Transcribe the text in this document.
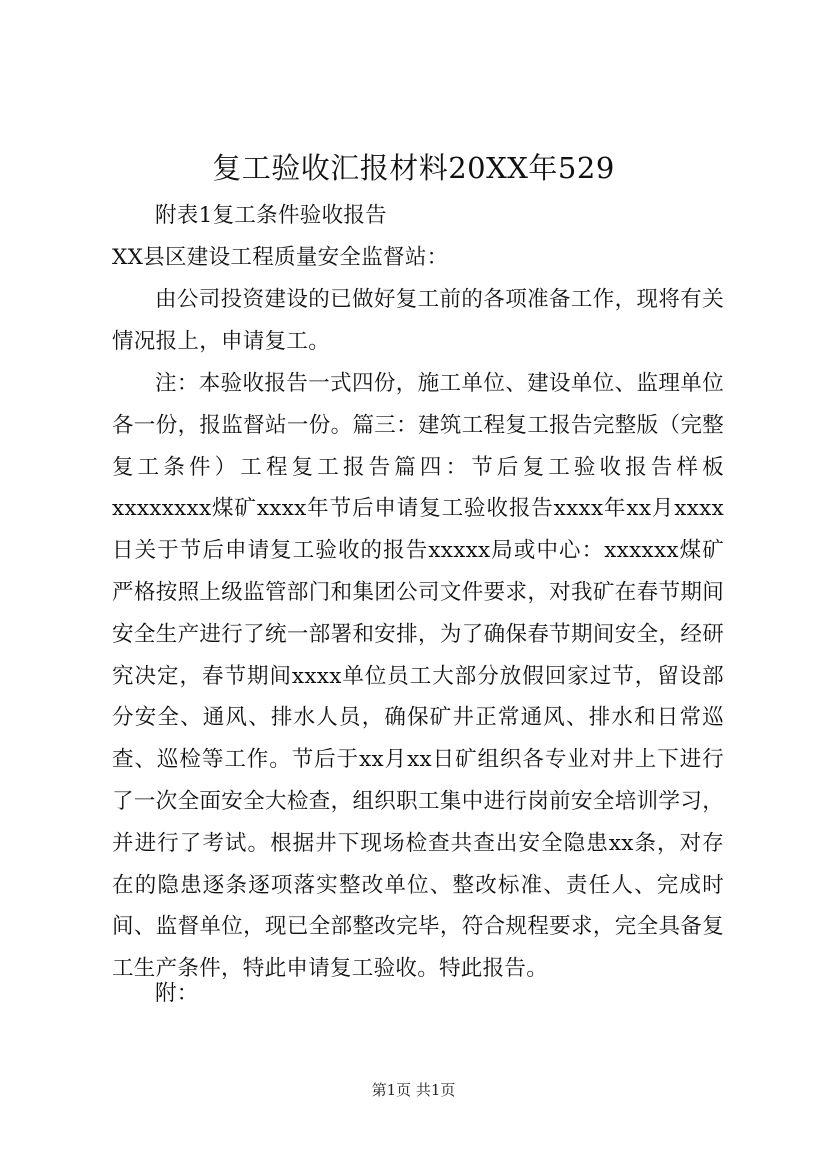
复工验收汇报材料20XX年529
附表1复工条件验收报告
XX县区建设工程质量安全监督站：
由公司投资建设的已做好复工前的各项准备工作，现将有关情况报上，申请复工。
注：本验收报告一式四份，施工单位、建设单位、监理单位各一份，报监督站一份。篇三：建筑工程复工报告完整版（完整复工条件）工程复工报告篇四：节后复工验收报告样板xxxxxxxx煤矿xxxx年节后申请复工验收报告xxxx年xx月xxxx日关于节后申请复工验收的报告xxxxx局或中心：xxxxxx煤矿严格按照上级监管部门和集团公司文件要求，对我矿在春节期间安全生产进行了统一部署和安排，为了确保春节期间安全，经研究决定，春节期间xxxx单位员工大部分放假回家过节，留设部分安全、通风、排水人员，确保矿井正常通风、排水和日常巡查、巡检等工作。节后于xx月xx日矿组织各专业对井上下进行了一次全面安全大检查，组织职工集中进行岗前安全培训学习，并进行了考试。根据井下现场检查共查出安全隐患xx条，对存在的隐患逐条逐项落实整改单位、整改标准、责任人、完成时间、监督单位，现已全部整改完毕，符合规程要求，完全具备复工生产条件，特此申请复工验收。特此报告。
附：
第1页 共1页
